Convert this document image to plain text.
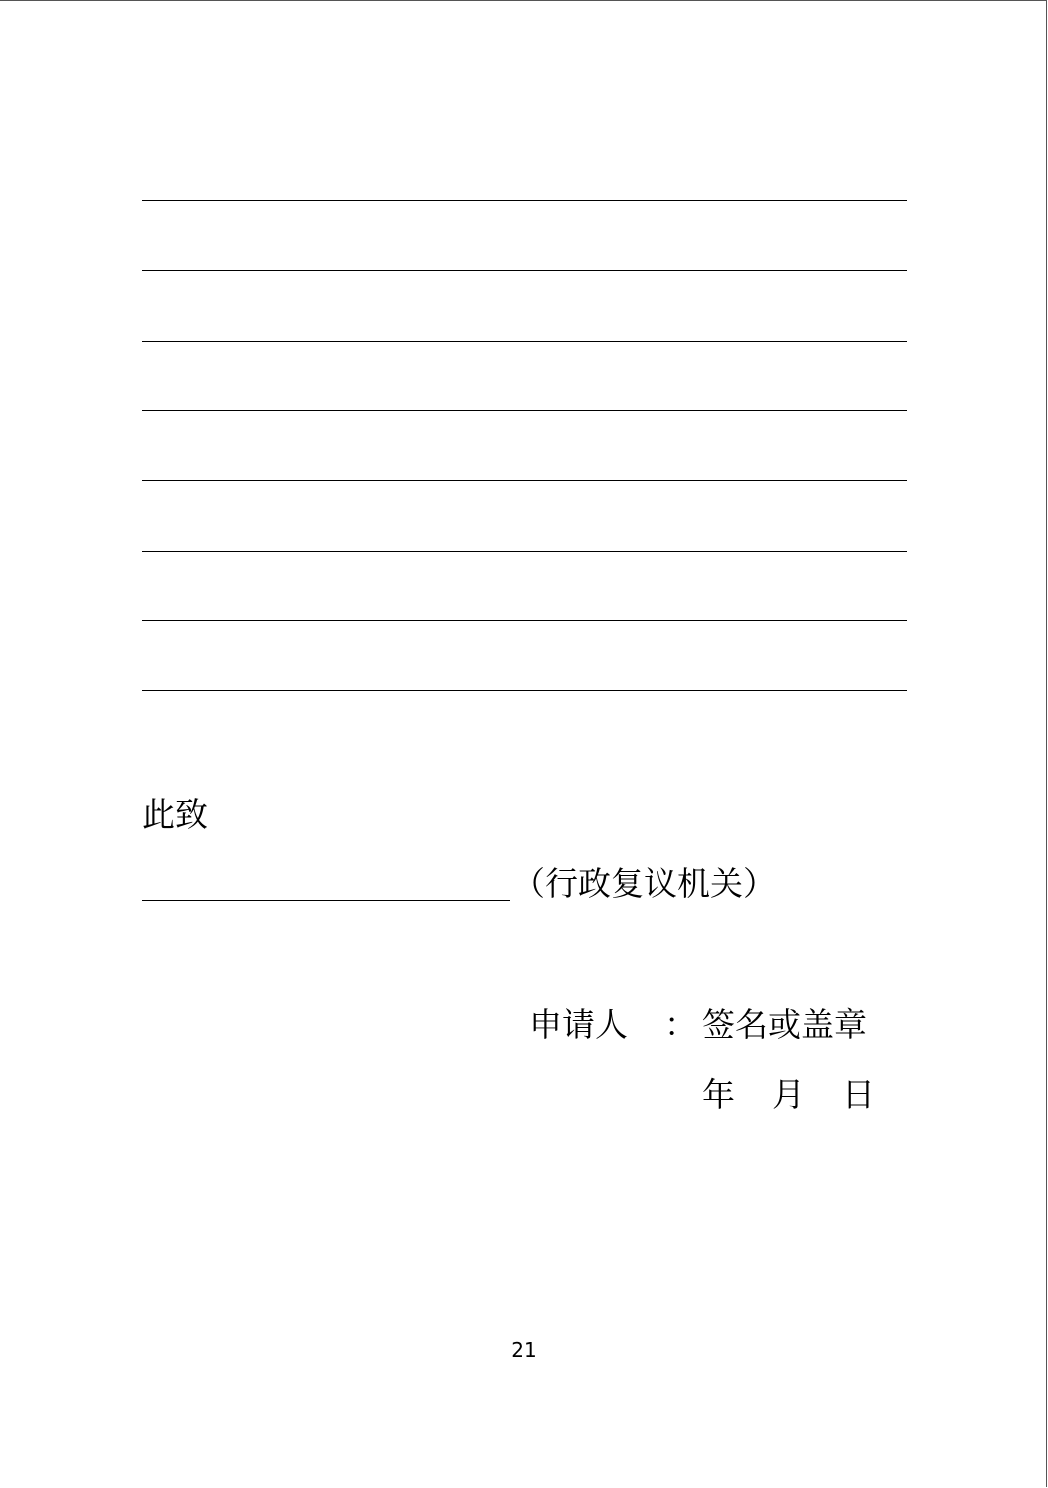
此致
（行政复议机关）
申请人 ： 签名或盖章
年 月 日
21
